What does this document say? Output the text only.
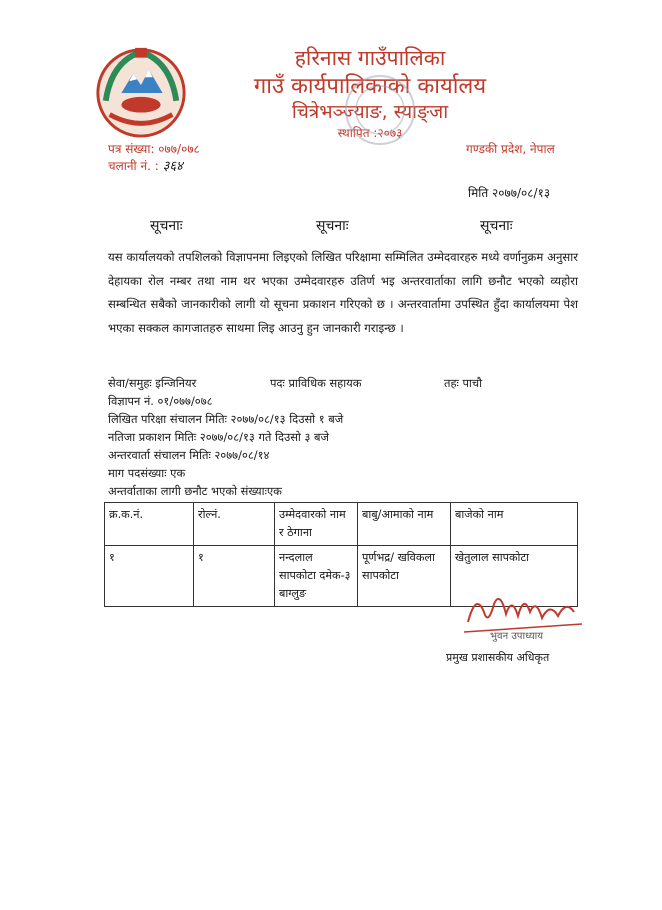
हरिनास गाउँपालिका
गाउँ कार्यपालिकाको कार्यालय
चित्रेभञ्ज्याङ, स्याङ्जा
स्थापित :२०७३
पत्र संख्या: ०७७/०७८
चलानी नं. : ३६४
गण्डकी प्रदेश, नेपाल
मिति २०७७/०८/१३
सूचनाः	सूचनाः	सूचनाः
यस कार्यालयको तपशिलको विज्ञापनमा लिइएको लिखित परिक्षामा सम्मिलित उम्मेदवारहरु मध्ये वर्णानुक्रम अनुसार देहायका रोल नम्बर तथा नाम थर भएका उम्मेदवारहरु उतिर्ण भइ अन्तरवार्ताका लागि छनौट भएको व्यहोरा सम्बन्धित सबैको जानकारीको लागी यो सूचना प्रकाशन गरिएको छ । अन्तरवार्तामा उपस्थित हुँदा कार्यालयमा पेश भएका सक्कल कागजातहरु साथमा लिइ आउनु हुन जानकारी गराइन्छ ।
सेवा/समुहः इन्जिनियर	पदः प्राविधिक सहायक	तहः पाचौ
विज्ञापन नं. ०१/०७७/०७८
लिखित परिक्षा संचालन मितिः २०७७/०८/१३ दिउसो १ बजे
नतिजा प्रकाशन मितिः २०७७/०८/१३ गते दिउसो ३ बजे
अन्तरवार्ता संचालन मितिः २०७७/०८/१४
माग पदसंख्याः एक
अन्तर्वाताका लागी छनौट भएको संख्याःएक
क्र.क.नं.	रोल्नं.	उम्मेदवारको नाम र ठेगाना	बाबु/आमाको नाम	बाजेको नाम
१	१	नन्दलाल सापकोटा दमेक-३ बाग्लुङ	पूर्णभद्र/ खविकला सापकोटा	खेतुलाल सापकोटा
भुवन उपाध्याय
प्रमुख प्रशासकीय अधिकृत
